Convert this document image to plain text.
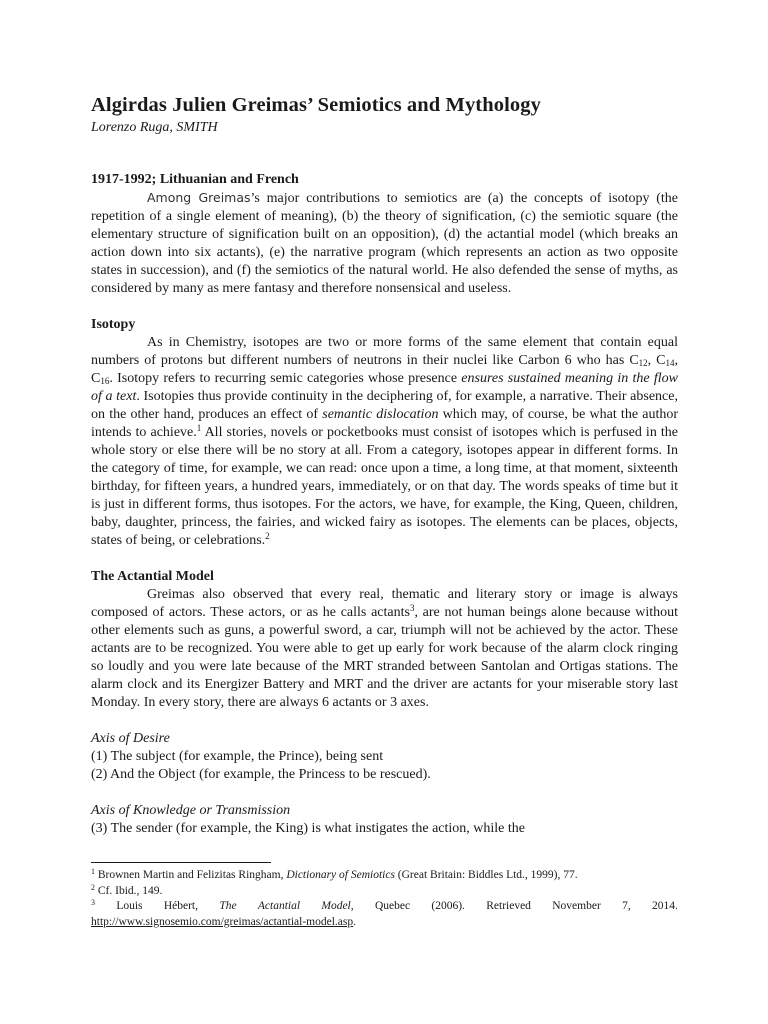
Algirdas Julien Greimas’ Semiotics and Mythology
Lorenzo Ruga, SMITH
1917-1992; Lithuanian and French

Among Greimas’s major contributions to semiotics are (a) the concepts of isotopy (the repetition of a single element of meaning), (b) the theory of signification, (c) the semiotic square (the elementary structure of signification built on an opposition), (d) the actantial model (which breaks an action down into six actants), (e) the narrative program (which represents an action as two opposite states in succession), and (f) the semiotics of the natural world. He also defended the sense of myths, as considered by many as mere fantasy and therefore nonsensical and useless.

Isotopy

As in Chemistry, isotopes are two or more forms of the same element that contain equal numbers of protons but different numbers of neutrons in their nuclei like Carbon 6 who has $C_{12}$, $C_{14}$, $C_{16}$. Isotopy refers to recurring semic categories whose presence ensures sustained meaning in the flow of a text. Isotopies thus provide continuity in the deciphering of, for example, a narrative. Their absence, on the other hand, produces an effect of semantic dislocation which may, of course, be what the author intends to achieve.$^1$ All stories, novels or pocketbooks must consist of isotopes which is perfused in the whole story or else there will be no story at all. From a category, isotopes appear in different forms. In the category of time, for example, we can read: once upon a time, a long time, at that moment, sixteenth birthday, for fifteen years, a hundred years, immediately, or on that day. The words speaks of time but it is just in different forms, thus isotopes. For the actors, we have, for example, the King, Queen, children, baby, daughter, princess, the fairies, and wicked fairy as isotopes. The elements can be places, objects, states of being, or celebrations.$^2$

The Actantial Model

Greimas also observed that every real, thematic and literary story or image is always composed of actors. These actors, or as he calls actants$^3$, are not human beings alone because without other elements such as guns, a powerful sword, a car, triumph will not be achieved by the actor. These actants are to be recognized. You were able to get up early for work because of the alarm clock ringing so loudly and you were late because of the MRT stranded between Santolan and Ortigas stations. The alarm clock and its Energizer Battery and MRT and the driver are actants for your miserable story last Monday. In every story, there are always 6 actants or 3 axes.

Axis of Desire

(1) The subject (for example, the Prince), being sent

(2) And the Object (for example, the Princess to be rescued).

Axis of Knowledge or Transmission

(3) The sender (for example, the King) is what instigates the action, while the

$^1$ Brownen Martin and Felizitas Ringham, Dictionary of Semiotics (Great Britain: Biddles Ltd., 1999), 77.

$^2$ Cf. Ibid., 149.

$^3$ Louis Hébert, The Actantial Model, Quebec (2006). Retrieved November 7, 2014.

http://www.signosemio.com/greimas/actantial-model.asp.
